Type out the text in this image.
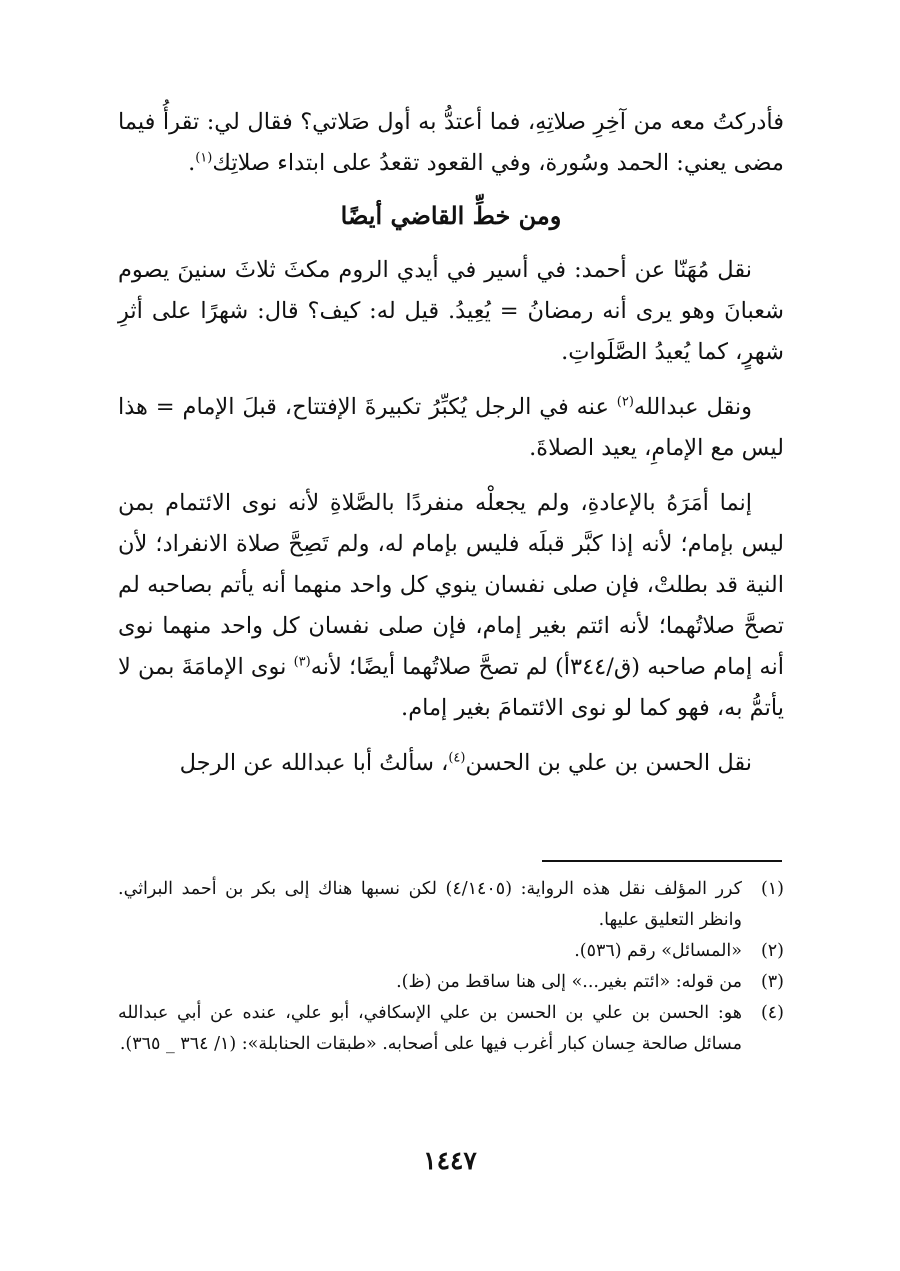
فأدركتُ معه من آخِرِ صلاتِهِ، فما أعتدُّ به أول صَلاتي؟ فقال لي: تقرأُ فيما مضى يعني: الحمد وسُورة، وفي القعود تقعدُ على ابتداء صلاتِك$^{(١)}$.

ومن خطِّ القاضي أيضًا

نقل مُهَنّا عن أحمد: في أسير في أيدي الروم مكثَ ثلاثَ سنينَ يصوم شعبانَ وهو يرى أنه رمضانُ = يُعِيدُ. قيل له: كيف؟ قال: شهرًا على أثرِ شهرٍ، كما يُعيدُ الصَّلَواتِ.

ونقل عبدالله$^{(٢)}$ عنه في الرجل يُكبِّرُ تكبيرةَ الإفتتاح، قبلَ الإمام = هذا ليس مع الإمامِ، يعيد الصلاةَ.

إنما أمَرَهُ بالإعادةِ، ولم يجعلْه منفردًا بالصَّلاةِ لأنه نوى الائتمام بمن ليس بإمام؛ لأنه إذا كبَّر قبلَه فليس بإمام له، ولم تَصِحَّ صلاة الانفراد؛ لأن النية قد بطلتْ، فإن صلى نفسان ينوي كل واحد منهما أنه يأتم بصاحبه لم تصحَّ صلاتُهما؛ لأنه ائتم بغير إمام، فإن صلى نفسان كل واحد منهما نوى أنه إمام صاحبه (ق/٣٤٤أ) لم تصحَّ صلاتُهما أيضًا؛ لأنه$^{(٣)}$ نوى الإمامَةَ بمن لا يأتمُّ به، فهو كما لو نوى الائتمامَ بغير إمام.

نقل الحسن بن علي بن الحسن$^{(٤)}$، سألتُ أبا عبدالله عن الرجل

(١)
كرر المؤلف نقل هذه الرواية: (٤/١٤٠٥) لكن نسبها هناك إلى بكر بن أحمد البراثي. وانظر التعليق عليها.
(٢)
«المسائل» رقم (٥٣٦).
(٣)
من قوله: «ائتم بغير...» إلى هنا ساقط من (ظ).
(٤)
هو: الحسن بن علي بن الحسن بن علي الإسكافي، أبو علي، عنده عن أبي عبدالله مسائل صالحة حِسان كبار أغرب فيها على أصحابه. «طبقات الحنابلة»: (١/ ٣٦٤ _ ٣٦٥).
١٤٤٧
